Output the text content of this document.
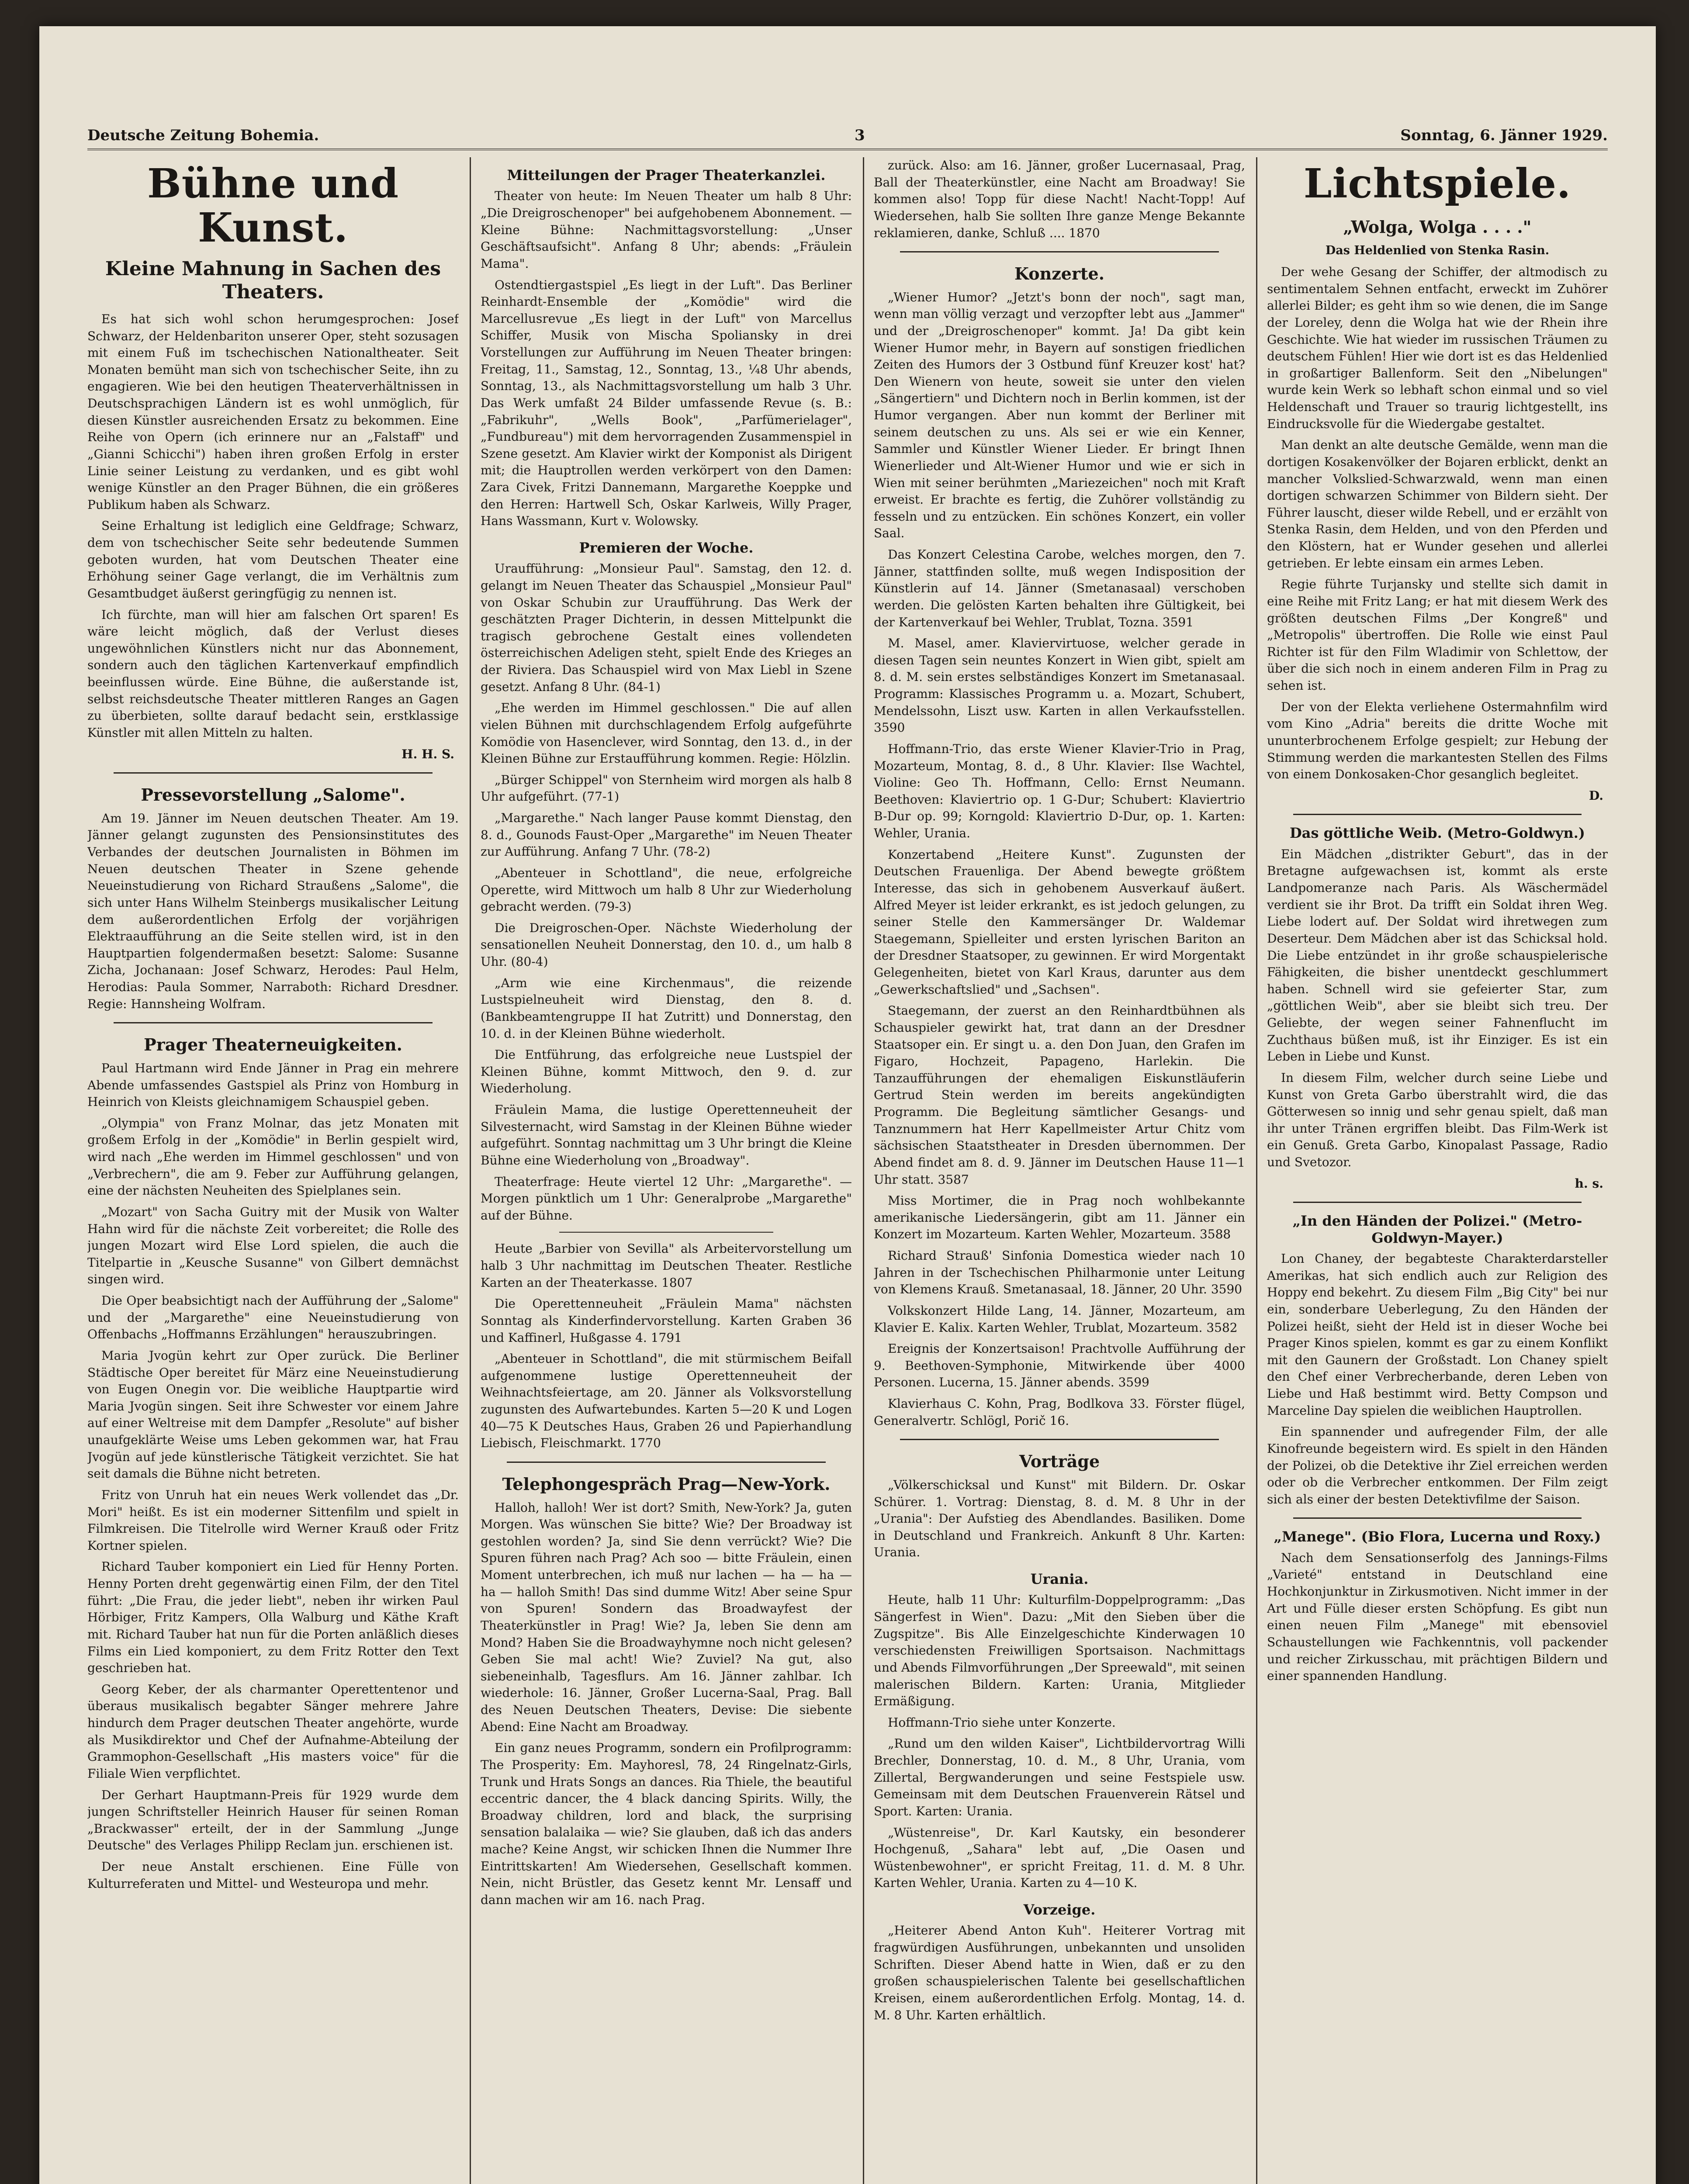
Deutsche Zeitung Bohemia.	3	Sonntag, 6. Jänner 1929.
Bühne und Kunst.
Kleine Mahnung in Sachen des Theaters.

Es hat sich wohl schon herumgesprochen: Josef Schwarz, der Heldenbariton unserer Oper, steht sozusagen mit einem Fuß im tschechischen Nationaltheater. Seit Monaten bemüht man sich von tschechischer Seite, ihn zu engagieren. Wie bei den heutigen Theaterverhältnissen in Deutschsprachigen Ländern ist es wohl unmöglich, für diesen Künstler ausreichenden Ersatz zu bekommen. Eine Reihe von Opern (ich erinnere nur an „Falstaff" und „Gianni Schicchi") haben ihren großen Erfolg in erster Linie seiner Leistung zu verdanken, und es gibt wohl wenige Künstler an den Prager Bühnen, die ein größeres Publikum haben als Schwarz.

Seine Erhaltung ist lediglich eine Geldfrage; Schwarz, dem von tschechischer Seite sehr bedeutende Summen geboten wurden, hat vom Deutschen Theater eine Erhöhung seiner Gage verlangt, die im Verhältnis zum Gesamtbudget äußerst geringfügig zu nennen ist.

Ich fürchte, man will hier am falschen Ort sparen! Es wäre leicht möglich, daß der Verlust dieses ungewöhnlichen Künstlers nicht nur das Abonnement, sondern auch den täglichen Kartenverkauf empfindlich beeinflussen würde. Eine Bühne, die außerstande ist, selbst reichsdeutsche Theater mittleren Ranges an Gagen zu überbieten, sollte darauf bedacht sein, erstklassige Künstler mit allen Mitteln zu halten.

H. H. S.
Pressevorstellung „Salome".

Am 19. Jänner im Neuen deutschen Theater. Am 19. Jänner gelangt zugunsten des Pensionsinstitutes des Verbandes der deutschen Journalisten in Böhmen im Neuen deutschen Theater in Szene gehende Neueinstudierung von Richard Straußens „Salome", die sich unter Hans Wilhelm Steinbergs musikalischer Leitung dem außerordentlichen Erfolg der vorjährigen Elektraaufführung an die Seite stellen wird, ist in den Hauptpartien folgendermaßen besetzt: Salome: Susanne Zicha, Jochanaan: Josef Schwarz, Herodes: Paul Helm, Herodias: Paula Sommer, Narraboth: Richard Dresdner. Regie: Hannsheing Wolfram.

Prager Theaterneuigkeiten.

Paul Hartmann wird Ende Jänner in Prag ein mehrere Abende umfassendes Gastspiel als Prinz von Homburg in Heinrich von Kleists gleichnamigem Schauspiel geben.

„Olympia" von Franz Molnar, das jetz Monaten mit großem Erfolg in der „Komödie" in Berlin gespielt wird, wird nach „Ehe werden im Himmel geschlossen" und von „Verbrechern", die am 9. Feber zur Aufführung gelangen, eine der nächsten Neuheiten des Spielplanes sein.

„Mozart" von Sacha Guitry mit der Musik von Walter Hahn wird für die nächste Zeit vorbereitet; die Rolle des jungen Mozart wird Else Lord spielen, die auch die Titelpartie in „Keusche Susanne" von Gilbert demnächst singen wird.

Die Oper beabsichtigt nach der Aufführung der „Salome" und der „Margarethe" eine Neueinstudierung von Offenbachs „Hoffmanns Erzählungen" herauszubringen.

Maria Jvogün kehrt zur Oper zurück. Die Berliner Städtische Oper bereitet für März eine Neueinstudierung von Eugen Onegin vor. Die weibliche Hauptpartie wird Maria Jvogün singen. Seit ihre Schwester vor einem Jahre auf einer Weltreise mit dem Dampfer „Resolute" auf bisher unaufgeklärte Weise ums Leben gekommen war, hat Frau Jvogün auf jede künstlerische Tätigkeit verzichtet. Sie hat seit damals die Bühne nicht betreten.

Fritz von Unruh hat ein neues Werk vollendet das „Dr. Mori" heißt. Es ist ein moderner Sittenfilm und spielt in Filmkreisen. Die Titelrolle wird Werner Krauß oder Fritz Kortner spielen.

Richard Tauber komponiert ein Lied für Henny Porten. Henny Porten dreht gegenwärtig einen Film, der den Titel führt: „Die Frau, die jeder liebt", neben ihr wirken Paul Hörbiger, Fritz Kampers, Olla Walburg und Käthe Kraft mit. Richard Tauber hat nun für die Porten anläßlich dieses Films ein Lied komponiert, zu dem Fritz Rotter den Text geschrieben hat.

Georg Keber, der als charmanter Operettentenor und überaus musikalisch begabter Sänger mehrere Jahre hindurch dem Prager deutschen Theater angehörte, wurde als Musikdirektor und Chef der Aufnahme-Abteilung der Grammophon-Gesellschaft „His masters voice" für die Filiale Wien verpflichtet.

Der Gerhart Hauptmann-Preis für 1929 wurde dem jungen Schriftsteller Heinrich Hauser für seinen Roman „Brackwasser" erteilt, der in der Sammlung „Junge Deutsche" des Verlages Philipp Reclam jun. erschienen ist.

Der neue Anstalt erschienen. Eine Fülle von Kulturreferaten und Mittel- und Westeuropa und mehr.

Mitteilungen der Prager Theaterkanzlei.

Theater von heute: Im Neuen Theater um halb 8 Uhr: „Die Dreigroschenoper" bei aufgehobenem Abonnement. — Kleine Bühne: Nachmittagsvorstellung: „Unser Geschäftsaufsicht". Anfang 8 Uhr; abends: „Fräulein Mama".

Ostendtiergastspiel „Es liegt in der Luft". Das Berliner Reinhardt-Ensemble der „Komödie" wird die Marcellusrevue „Es liegt in der Luft" von Marcellus Schiffer, Musik von Mischa Spoliansky in drei Vorstellungen zur Aufführung im Neuen Theater bringen: Freitag, 11., Samstag, 12., Sonntag, 13., ¼8 Uhr abends, Sonntag, 13., als Nachmittagsvorstellung um halb 3 Uhr. Das Werk umfaßt 24 Bilder umfassende Revue (s. B.: „Fabrikuhr", „Wells Book", „Parfümerielager", „Fundbureau") mit dem hervorragenden Zusammenspiel in Szene gesetzt. Am Klavier wirkt der Komponist als Dirigent mit; die Hauptrollen werden verkörpert von den Damen: Zara Civek, Fritzi Dannemann, Margarethe Koeppke und den Herren: Hartwell Sch, Oskar Karlweis, Willy Prager, Hans Wassmann, Kurt v. Wolowsky.

Premieren der Woche.

Uraufführung: „Monsieur Paul". Samstag, den 12. d. gelangt im Neuen Theater das Schauspiel „Monsieur Paul" von Oskar Schubin zur Uraufführung. Das Werk der geschätzten Prager Dichterin, in dessen Mittelpunkt die tragisch gebrochene Gestalt eines vollendeten österreichischen Adeligen steht, spielt Ende des Krieges an der Riviera. Das Schauspiel wird von Max Liebl in Szene gesetzt. Anfang 8 Uhr. (84-1)

„Ehe werden im Himmel geschlossen." Die auf allen vielen Bühnen mit durchschlagendem Erfolg aufgeführte Komödie von Hasenclever, wird Sonntag, den 13. d., in der Kleinen Bühne zur Erstaufführung kommen. Regie: Hölzlin.

„Bürger Schippel" von Sternheim wird morgen als halb 8 Uhr aufgeführt. (77-1)

„Margarethe." Nach langer Pause kommt Dienstag, den 8. d., Gounods Faust-Oper „Margarethe" im Neuen Theater zur Aufführung. Anfang 7 Uhr. (78-2)

„Abenteuer in Schottland", die neue, erfolgreiche Operette, wird Mittwoch um halb 8 Uhr zur Wiederholung gebracht werden. (79-3)

Die Dreigroschen-Oper. Nächste Wiederholung der sensationellen Neuheit Donnerstag, den 10. d., um halb 8 Uhr. (80-4)

„Arm wie eine Kirchenmaus", die reizende Lustspielneuheit wird Dienstag, den 8. d. (Bankbeamtengruppe II hat Zutritt) und Donnerstag, den 10. d. in der Kleinen Bühne wiederholt.

Die Entführung, das erfolgreiche neue Lustspiel der Kleinen Bühne, kommt Mittwoch, den 9. d. zur Wiederholung.

Fräulein Mama, die lustige Operettenneuheit der Silvesternacht, wird Samstag in der Kleinen Bühne wieder aufgeführt. Sonntag nachmittag um 3 Uhr bringt die Kleine Bühne eine Wiederholung von „Broadway".

Theaterfrage: Heute viertel 12 Uhr: „Margarethe". — Morgen pünktlich um 1 Uhr: Generalprobe „Margarethe" auf der Bühne.

Heute „Barbier von Sevilla" als Arbeitervorstellung um halb 3 Uhr nachmittag im Deutschen Theater. Restliche Karten an der Theaterkasse. 1807

Die Operettenneuheit „Fräulein Mama" nächsten Sonntag als Kinderfindervorstellung. Karten Graben 36 und Kaffinerl, Hußgasse 4. 1791

„Abenteuer in Schottland", die mit stürmischem Beifall aufgenommene lustige Operettenneuheit der Weihnachtsfeiertage, am 20. Jänner als Volksvorstellung zugunsten des Aufwartebundes. Karten 5—20 K und Logen 40—75 K Deutsches Haus, Graben 26 und Papierhandlung Liebisch, Fleischmarkt. 1770

Telephongespräch Prag—New-York.

Halloh, halloh! Wer ist dort? Smith, New-York? Ja, guten Morgen. Was wünschen Sie bitte? Wie? Der Broadway ist gestohlen worden? Ja, sind Sie denn verrückt? Wie? Die Spuren führen nach Prag? Ach soo — bitte Fräulein, einen Moment unterbrechen, ich muß nur lachen — ha — ha — ha — halloh Smith! Das sind dumme Witz! Aber seine Spur von Spuren! Sondern das Broadwayfest der Theaterkünstler in Prag! Wie? Ja, leben Sie denn am Mond? Haben Sie die Broadwayhymne noch nicht gelesen? Geben Sie mal acht! Wie? Zuviel? Na gut, also siebeneinhalb, Tagesflurs. Am 16. Jänner zahlbar. Ich wiederhole: 16. Jänner, Großer Lucerna-Saal, Prag. Ball des Neuen Deutschen Theaters, Devise: Die siebente Abend: Eine Nacht am Broadway.

Ein ganz neues Programm, sondern ein Profilprogramm: The Prosperity: Em. Mayhoresl, 78, 24 Ringelnatz-Girls, Trunk und Hrats Songs an dances. Ria Thiele, the beautiful eccentric dancer, the 4 black dancing Spirits. Willy, the Broadway children, lord and black, the surprising sensation balalaika — wie? Sie glauben, daß ich das anders mache? Keine Angst, wir schicken Ihnen die Nummer Ihre Eintrittskarten! Am Wiedersehen, Gesellschaft kommen. Nein, nicht Brüstler, das Gesetz kennt Mr. Lensaff und dann machen wir am 16. nach Prag.

zurück. Also: am 16. Jänner, großer Lucernasaal, Prag, Ball der Theaterkünstler, eine Nacht am Broadway! Sie kommen also! Topp für diese Nacht! Nacht-Topp! Auf Wiedersehen, halb Sie sollten Ihre ganze Menge Bekannte reklamieren, danke, Schluß .... 1870

Konzerte.

„Wiener Humor? „Jetzt's bonn der noch", sagt man, wenn man völlig verzagt und verzopfter lebt aus „Jammer" und der „Dreigroschenoper" kommt. Ja! Da gibt kein Wiener Humor mehr, in Bayern auf sonstigen friedlichen Zeiten des Humors der 3 Ostbund fünf Kreuzer kost' hat? Den Wienern von heute, soweit sie unter den vielen „Sängertiern" und Dichtern noch in Berlin kommen, ist der Humor vergangen. Aber nun kommt der Berliner mit seinem deutschen zu uns. Als sei er wie ein Kenner, Sammler und Künstler Wiener Lieder. Er bringt Ihnen Wienerlieder und Alt-Wiener Humor und wie er sich in Wien mit seiner berühmten „Mariezeichen" noch mit Kraft erweist. Er brachte es fertig, die Zuhörer vollständig zu fesseln und zu entzücken. Ein schönes Konzert, ein voller Saal.

Das Konzert Celestina Carobe, welches morgen, den 7. Jänner, stattfinden sollte, muß wegen Indisposition der Künstlerin auf 14. Jänner (Smetanasaal) verschoben werden. Die gelösten Karten behalten ihre Gültigkeit, bei der Kartenverkauf bei Wehler, Trublat, Tozna. 3591

M. Masel, amer. Klaviervirtuose, welcher gerade in diesen Tagen sein neuntes Konzert in Wien gibt, spielt am 8. d. M. sein erstes selbständiges Konzert im Smetanasaal. Programm: Klassisches Programm u. a. Mozart, Schubert, Mendelssohn, Liszt usw. Karten in allen Verkaufsstellen. 3590

Hoffmann-Trio, das erste Wiener Klavier-Trio in Prag, Mozarteum, Montag, 8. d., 8 Uhr. Klavier: Ilse Wachtel, Violine: Geo Th. Hoffmann, Cello: Ernst Neumann. Beethoven: Klaviertrio op. 1 G-Dur; Schubert: Klaviertrio B-Dur op. 99; Korngold: Klaviertrio D-Dur, op. 1. Karten: Wehler, Urania.

Konzertabend „Heitere Kunst". Zugunsten der Deutschen Frauenliga. Der Abend bewegte größtem Interesse, das sich in gehobenem Ausverkauf äußert. Alfred Meyer ist leider erkrankt, es ist jedoch gelungen, zu seiner Stelle den Kammersänger Dr. Waldemar Staegemann, Spielleiter und ersten lyrischen Bariton an der Dresdner Staatsoper, zu gewinnen. Er wird Morgentakt Gelegenheiten, bietet von Karl Kraus, darunter aus dem „Gewerkschaftslied" und „Sachsen".

Staegemann, der zuerst an den Reinhardtbühnen als Schauspieler gewirkt hat, trat dann an der Dresdner Staatsoper ein. Er singt u. a. den Don Juan, den Grafen im Figaro, Hochzeit, Papageno, Harlekin. Die Tanzaufführungen der ehemaligen Eiskunstläuferin Gertrud Stein werden im bereits angekündigten Programm. Die Begleitung sämtlicher Gesangs- und Tanznummern hat Herr Kapellmeister Artur Chitz vom sächsischen Staatstheater in Dresden übernommen. Der Abend findet am 8. d. 9. Jänner im Deutschen Hause 11—1 Uhr statt. 3587

Miss Mortimer, die in Prag noch wohlbekannte amerikanische Liedersängerin, gibt am 11. Jänner ein Konzert im Mozarteum. Karten Wehler, Mozarteum. 3588

Richard Strauß' Sinfonia Domestica wieder nach 10 Jahren in der Tschechischen Philharmonie unter Leitung von Klemens Krauß. Smetanasaal, 18. Jänner, 20 Uhr. 3590

Volkskonzert Hilde Lang, 14. Jänner, Mozarteum, am Klavier E. Kalix. Karten Wehler, Trublat, Mozarteum. 3582

Ereignis der Konzertsaison! Prachtvolle Aufführung der 9. Beethoven-Symphonie, Mitwirkende über 4000 Personen. Lucerna, 15. Jänner abends. 3599

Klavierhaus C. Kohn, Prag, Bodlkova 33. Förster flügel, Generalvertr. Schlögl, Porič 16.

Vorträge

„Völkerschicksal und Kunst" mit Bildern. Dr. Oskar Schürer. 1. Vortrag: Dienstag, 8. d. M. 8 Uhr in der „Urania": Der Aufstieg des Abendlandes. Basiliken. Dome in Deutschland und Frankreich. Ankunft 8 Uhr. Karten: Urania.

Urania.

Heute, halb 11 Uhr: Kulturfilm-Doppelprogramm: „Das Sängerfest in Wien". Dazu: „Mit den Sieben über die Zugspitze". Bis Alle Einzelgeschichte Kinderwagen 10 verschiedensten Freiwilligen Sportsaison. Nachmittags und Abends Filmvorführungen „Der Spreewald", mit seinen malerischen Bildern. Karten: Urania, Mitglieder Ermäßigung.

Hoffmann-Trio siehe unter Konzerte.

„Rund um den wilden Kaiser", Lichtbildervortrag Willi Brechler, Donnerstag, 10. d. M., 8 Uhr, Urania, vom Zillertal, Bergwanderungen und seine Festspiele usw. Gemeinsam mit dem Deutschen Frauenverein Rätsel und Sport. Karten: Urania.

„Wüstenreise", Dr. Karl Kautsky, ein besonderer Hochgenuß, „Sahara" lebt auf, „Die Oasen und Wüstenbewohner", er spricht Freitag, 11. d. M. 8 Uhr. Karten Wehler, Urania. Karten zu 4—10 K.

Vorzeige.

„Heiterer Abend Anton Kuh". Heiterer Vortrag mit fragwürdigen Ausführungen, unbekannten und unsoliden Schriften. Dieser Abend hatte in Wien, daß er zu den großen schauspielerischen Talente bei gesellschaftlichen Kreisen, einem außerordentlichen Erfolg. Montag, 14. d. M. 8 Uhr. Karten erhältlich.

Lichtspiele.
„Wolga, Wolga . . . ."
Das Heldenlied von Stenka Rasin.

Der wehe Gesang der Schiffer, der altmodisch zu sentimentalem Sehnen entfacht, erweckt im Zuhörer allerlei Bilder; es geht ihm so wie denen, die im Sange der Loreley, denn die Wolga hat wie der Rhein ihre Geschichte. Wie hat wieder im russischen Träumen zu deutschem Fühlen! Hier wie dort ist es das Heldenlied in großartiger Ballenform. Seit den „Nibelungen" wurde kein Werk so lebhaft schon einmal und so viel Heldenschaft und Trauer so traurig lichtgestellt, ins Eindrucksvolle für die Wiedergabe gestaltet.

Man denkt an alte deutsche Gemälde, wenn man die dortigen Kosakenvölker der Bojaren erblickt, denkt an mancher Volkslied-Schwarzwald, wenn man einen dortigen schwarzen Schimmer von Bildern sieht. Der Führer lauscht, dieser wilde Rebell, und er erzählt von Stenka Rasin, dem Helden, und von den Pferden und den Klöstern, hat er Wunder gesehen und allerlei getrieben. Er lebte einsam ein armes Leben.

Regie führte Turjansky und stellte sich damit in eine Reihe mit Fritz Lang; er hat mit diesem Werk des größten deutschen Films „Der Kongreß" und „Metropolis" übertroffen. Die Rolle wie einst Paul Richter ist für den Film Wladimir von Schlettow, der über die sich noch in einem anderen Film in Prag zu sehen ist.

Der von der Elekta verliehene Ostermahnfilm wird vom Kino „Adria" bereits die dritte Woche mit ununterbrochenem Erfolge gespielt; zur Hebung der Stimmung werden die markantesten Stellen des Films von einem Donkosaken-Chor gesanglich begleitet.

D.
Das göttliche Weib. (Metro-Goldwyn.)

Ein Mädchen „distrikter Geburt", das in der Bretagne aufgewachsen ist, kommt als erste Landpomeranze nach Paris. Als Wäschermädel verdient sie ihr Brot. Da trifft ein Soldat ihren Weg. Liebe lodert auf. Der Soldat wird ihretwegen zum Deserteur. Dem Mädchen aber ist das Schicksal hold. Die Liebe entzündet in ihr große schauspielerische Fähigkeiten, die bisher unentdeckt geschlummert haben. Schnell wird sie gefeierter Star, zum „göttlichen Weib", aber sie bleibt sich treu. Der Geliebte, der wegen seiner Fahnenflucht im Zuchthaus büßen muß, ist ihr Einziger. Es ist ein Leben in Liebe und Kunst.

In diesem Film, welcher durch seine Liebe und Kunst von Greta Garbo überstrahlt wird, die das Götterwesen so innig und sehr genau spielt, daß man ihr unter Tränen ergriffen bleibt. Das Film-Werk ist ein Genuß. Greta Garbo, Kinopalast Passage, Radio und Svetozor.

h. s.
„In den Händen der Polizei." (Metro-Goldwyn-Mayer.)

Lon Chaney, der begabteste Charakterdarsteller Amerikas, hat sich endlich auch zur Religion des Hoppy end bekehrt. Zu diesem Film „Big City" bei nur ein, sonderbare Ueberlegung, Zu den Händen der Polizei heißt, sieht der Held ist in dieser Woche bei Prager Kinos spielen, kommt es gar zu einem Konflikt mit den Gaunern der Großstadt. Lon Chaney spielt den Chef einer Verbrecherbande, deren Leben von Liebe und Haß bestimmt wird. Betty Compson und Marceline Day spielen die weiblichen Hauptrollen.

Ein spannender und aufregender Film, der alle Kinofreunde begeistern wird. Es spielt in den Händen der Polizei, ob die Detektive ihr Ziel erreichen werden oder ob die Verbrecher entkommen. Der Film zeigt sich als einer der besten Detektivfilme der Saison.

„Manege". (Bio Flora, Lucerna und Roxy.)

Nach dem Sensationserfolg des Jannings-Films „Varieté" entstand in Deutschland eine Hochkonjunktur in Zirkusmotiven. Nicht immer in der Art und Fülle dieser ersten Schöpfung. Es gibt nun einen neuen Film „Manege" mit ebensoviel Schaustellungen wie Fachkenntnis, voll packender und reicher Zirkusschau, mit prächtigen Bildern und einer spannenden Handlung.
